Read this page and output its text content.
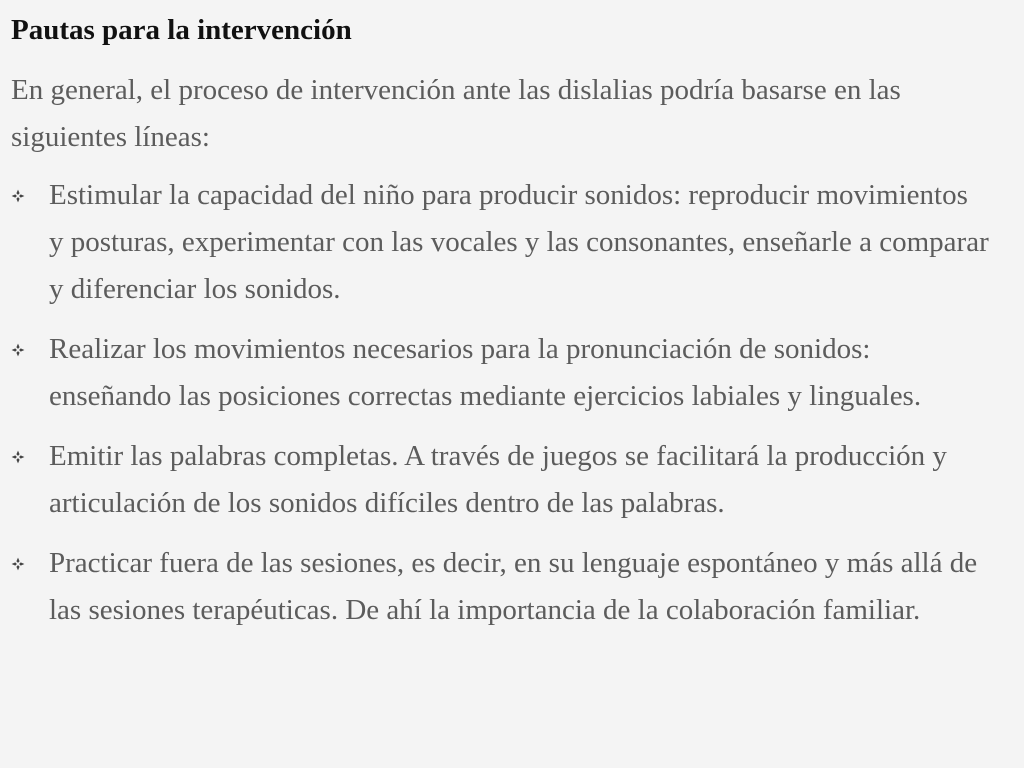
Pautas para la intervención

En general, el proceso de intervención ante las dislalias podría basarse en las siguientes líneas:

Estimular la capacidad del niño para producir sonidos: reproducir movimientos y posturas, experimentar con las vocales y las consonantes, enseñarle a comparar y diferenciar los sonidos.
Realizar los movimientos necesarios para la pronunciación de sonidos: enseñando las posiciones correctas mediante ejercicios labiales y linguales.
Emitir las palabras completas. A través de juegos se facilitará la producción y articulación de los sonidos difíciles dentro de las palabras.
Practicar fuera de las sesiones, es decir, en su lenguaje espontáneo y más allá de las sesiones terapéuticas. De ahí la importancia de la colaboración familiar.
